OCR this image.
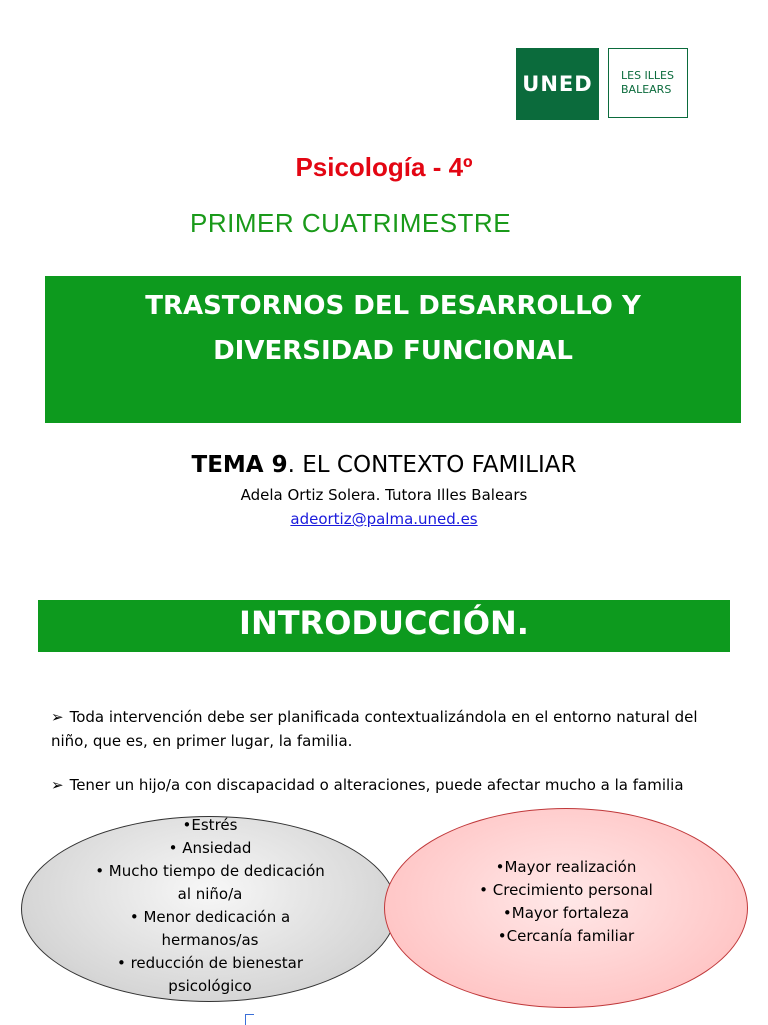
UNED	LES ILLES
BALEARS
Psicología - 4º
PRIMER CUATRIMESTRE
TRASTORNOS DEL DESARROLLO Y
DIVERSIDAD FUNCIONAL
TEMA 9. EL CONTEXTO FAMILIAR
Adela Ortiz Solera. Tutora Illes Balears
adeortiz@palma.uned.es
INTRODUCCIÓN.
➢ Toda intervención debe ser planificada contextualizándola en el entorno natural del niño, que es, en primer lugar, la familia.
➢ Tener un hijo/a con discapacidad o alteraciones, puede afectar mucho a la familia
•Estrés
• Ansiedad
• Mucho tiempo de dedicación al niño/a
• Menor dedicación a hermanos/as
• reducción de bienestar psicológico
•Mayor realización
• Crecimiento personal
•Mayor fortaleza
•Cercanía familiar
